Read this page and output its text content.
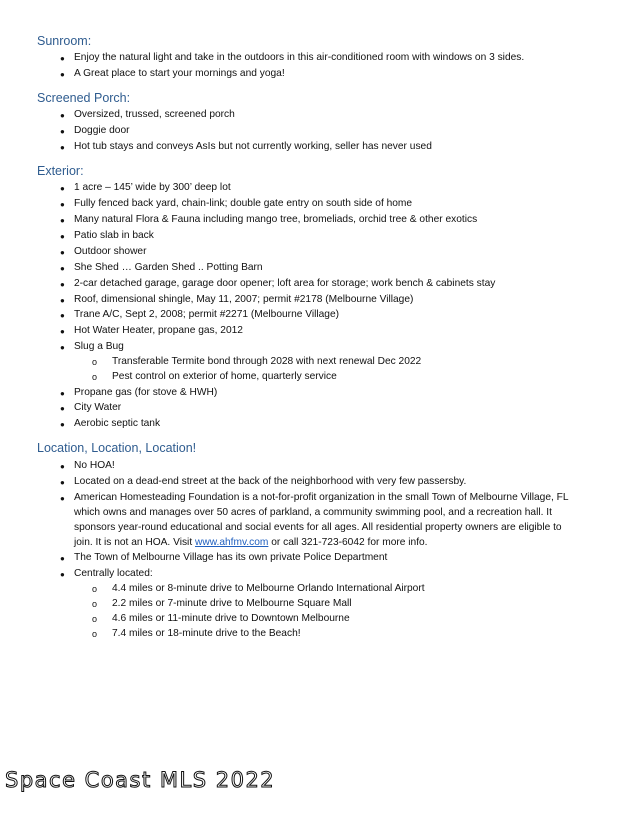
Sunroom:
● Enjoy the natural light and take in the outdoors in this air-conditioned room with windows on 3 sides.
● A Great place to start your mornings and yoga!
Screened Porch:
● Oversized, trussed, screened porch
● Doggie door
● Hot tub stays and conveys AsIs but not currently working, seller has never used
Exterior:
● 1 acre – 145’ wide by 300’ deep lot
● Fully fenced back yard, chain-link; double gate entry on south side of home
● Many natural Flora & Fauna including mango tree, bromeliads, orchid tree & other exotics
● Patio slab in back
● Outdoor shower
● She Shed … Garden Shed .. Potting Barn
● 2-car detached garage, garage door opener; loft area for storage; work bench & cabinets stay
● Roof, dimensional shingle, May 11, 2007; permit #2178 (Melbourne Village)
● Trane A/C, Sept 2, 2008; permit #2271 (Melbourne Village)
● Hot Water Heater, propane gas, 2012
● Slug a Bug
o Transferable Termite bond through 2028 with next renewal Dec 2022
o Pest control on exterior of home, quarterly service
● Propane gas (for stove & HWH)
● City Water
● Aerobic septic tank
Location, Location, Location!
● No HOA!
● Located on a dead-end street at the back of the neighborhood with very few passersby.
● American Homesteading Foundation is a not-for-profit organization in the small Town of Melbourne Village, FL
which owns and manages over 50 acres of parkland, a community swimming pool, and a recreation hall. It
sponsors year-round educational and social events for all ages. All residential property owners are eligible to
join. It is not an HOA. Visit www.ahfmv.com or call 321-723-6042 for more info.
● The Town of Melbourne Village has its own private Police Department
● Centrally located:
o 4.4 miles or 8-minute drive to Melbourne Orlando International Airport
o 2.2 miles or 7-minute drive to Melbourne Square Mall
o 4.6 miles or 11-minute drive to Downtown Melbourne
o 7.4 miles or 18-minute drive to the Beach!
Space Coast MLS 2022
